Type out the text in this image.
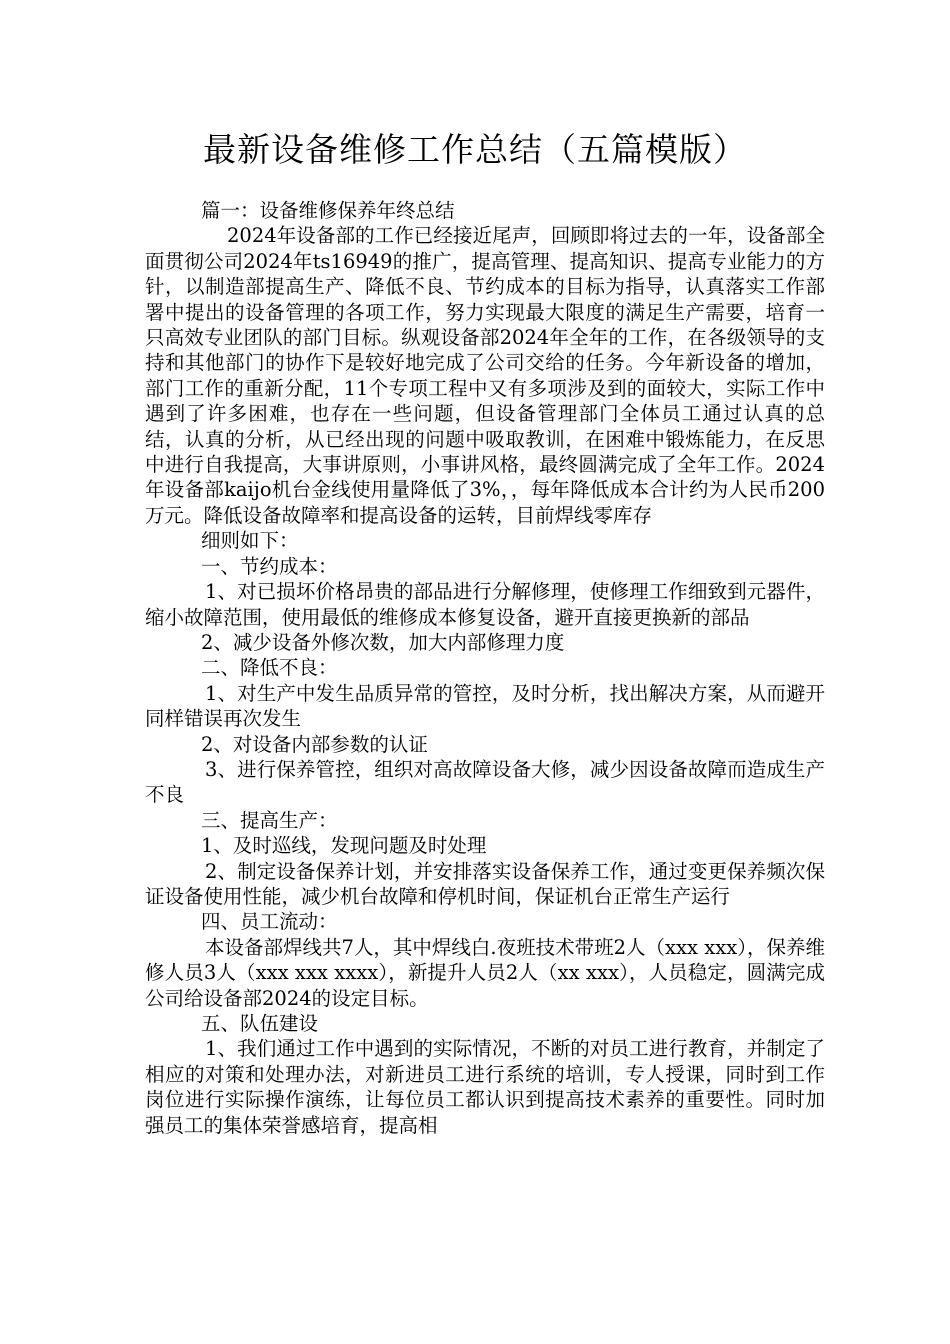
最新设备维修工作总结（五篇模版）

篇一：设备维修保养年终总结

2024年设备部的工作已经接近尾声，回顾即将过去的一年，设备部全面贯彻公司2024年ts16949的推广，提高管理、提高知识、提高专业能力的方针，以制造部提高生产、降低不良、节约成本的目标为指导，认真落实工作部署中提出的设备管理的各项工作，努力实现最大限度的满足生产需要，培育一只高效专业团队的部门目标。纵观设备部2024年全年的工作，在各级领导的支持和其他部门的协作下是较好地完成了公司交给的任务。今年新设备的增加，部门工作的重新分配，11个专项工程中又有多项涉及到的面较大，实际工作中遇到了许多困难，也存在一些问题，但设备管理部门全体员工通过认真的总结，认真的分析，从已经出现的问题中吸取教训，在困难中锻炼能力，在反思中进行自我提高，大事讲原则，小事讲风格，最终圆满完成了全年工作。2024年设备部kaijo机台金线使用量降低了3%，，每年降低成本合计约为人民币200万元。降低设备故障率和提高设备的运转，目前焊线零库存

细则如下：

一、节约成本：

1、对已损坏价格昂贵的部品进行分解修理，使修理工作细致到元器件，缩小故障范围，使用最低的维修成本修复设备，避开直接更换新的部品

2、减少设备外修次数，加大内部修理力度

二、降低不良：

1、对生产中发生品质异常的管控，及时分析，找出解决方案，从而避开同样错误再次发生

2、对设备内部参数的认证

3、进行保养管控，组织对高故障设备大修，减少因设备故障而造成生产不良

三、提高生产：

1、及时巡线，发现问题及时处理

2、制定设备保养计划，并安排落实设备保养工作，通过变更保养频次保证设备使用性能，减少机台故障和停机时间，保证机台正常生产运行

四、员工流动：

本设备部焊线共7人，其中焊线白.夜班技术带班2人（xxx xxx），保养维修人员3人（xxx xxx xxxx），新提升人员2人（xx xxx），人员稳定，圆满完成公司给设备部2024的设定目标。

五、队伍建设

1、我们通过工作中遇到的实际情况，不断的对员工进行教育，并制定了相应的对策和处理办法，对新进员工进行系统的培训，专人授课，同时到工作岗位进行实际操作演练，让每位员工都认识到提高技术素养的重要性。同时加强员工的集体荣誉感培育，提高相
